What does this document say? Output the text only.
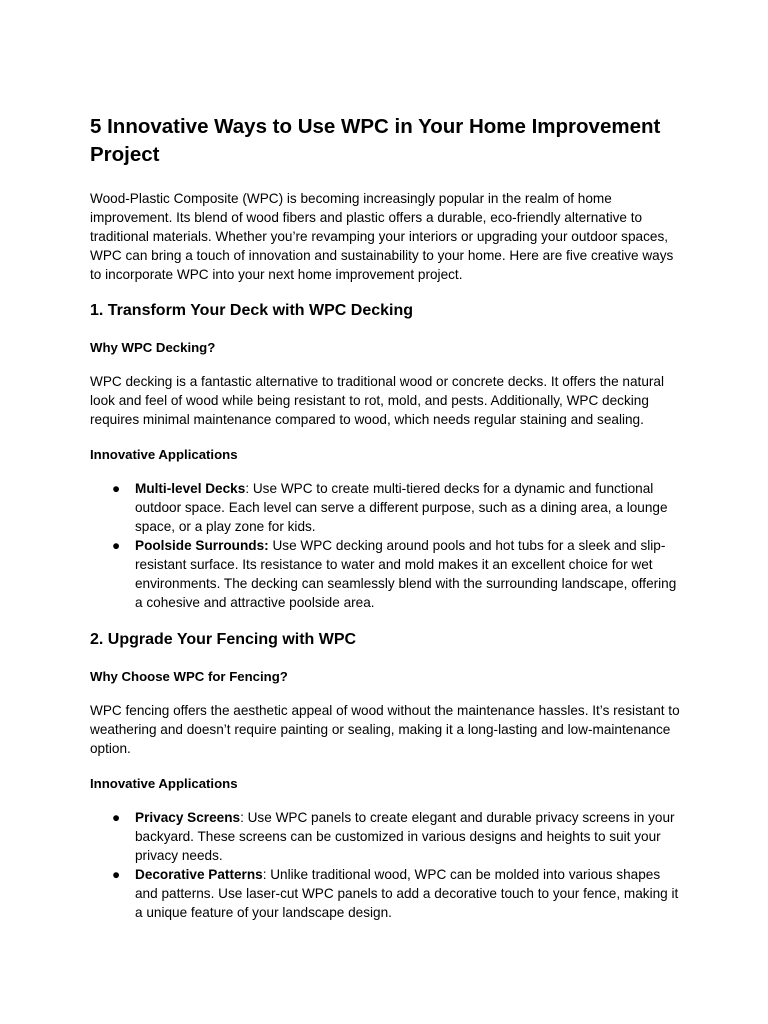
5 Innovative Ways to Use WPC in Your Home Improvement Project

Wood-Plastic Composite (WPC) is becoming increasingly popular in the realm of home improvement. Its blend of wood fibers and plastic offers a durable, eco-friendly alternative to traditional materials. Whether you’re revamping your interiors or upgrading your outdoor spaces, WPC can bring a touch of innovation and sustainability to your home. Here are five creative ways to incorporate WPC into your next home improvement project.

1. Transform Your Deck with WPC Decking
Why WPC Decking?

WPC decking is a fantastic alternative to traditional wood or concrete decks. It offers the natural look and feel of wood while being resistant to rot, mold, and pests. Additionally, WPC decking requires minimal maintenance compared to wood, which needs regular staining and sealing.

Innovative Applications
● Multi-level Decks: Use WPC to create multi-tiered decks for a dynamic and functional outdoor space. Each level can serve a different purpose, such as a dining area, a lounge space, or a play zone for kids.
● Poolside Surrounds: Use WPC decking around pools and hot tubs for a sleek and slip-resistant surface. Its resistance to water and mold makes it an excellent choice for wet environments. The decking can seamlessly blend with the surrounding landscape, offering a cohesive and attractive poolside area.
2. Upgrade Your Fencing with WPC
Why Choose WPC for Fencing?

WPC fencing offers the aesthetic appeal of wood without the maintenance hassles. It’s resistant to weathering and doesn’t require painting or sealing, making it a long-lasting and low-maintenance option.

Innovative Applications
● Privacy Screens: Use WPC panels to create elegant and durable privacy screens in your backyard. These screens can be customized in various designs and heights to suit your privacy needs.
● Decorative Patterns: Unlike traditional wood, WPC can be molded into various shapes and patterns. Use laser-cut WPC panels to add a decorative touch to your fence, making it a unique feature of your landscape design.
